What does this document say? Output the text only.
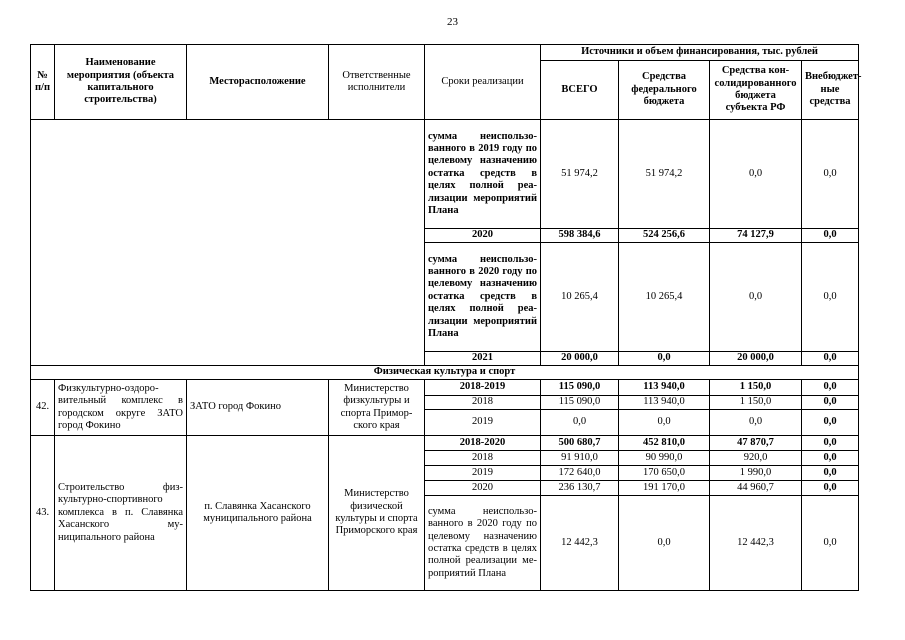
23
№ п/п	Наименование мероприятия (объекта капитального строительства)	Месторасположение	Ответственные исполнители	Сроки реализации	Источники и объем финансирования, тыс. рублей			
					ВСЕГО	Средства федерального бюджета	Средства консолидированного бюджета субъекта РФ	Внебюджетные средства
				сумма неиспользованного в 2019 году по целевому назначению остатка средств в целях полной реализации мероприятий Плана	51 974,2	51 974,2	0,0	0,0
				2020	598 384,6	524 256,6	74 127,9	0,0
				сумма неиспользованного в 2020 году по целевому назначению остатка средств в целях полной реализации мероприятий Плана	10 265,4	10 265,4	0,0	0,0
				2021	20 000,0	0,0	20 000,0	0,0
Физическая культура и спорт								
42.	Физкультурно-оздоровительный комплекс в городском округе ЗАТО город Фокино	ЗАТО город Фокино	Министерство физкультуры и спорта Приморского края	2018-2019	115 090,0	113 940,0	1 150,0	0,0
				2018	115 090,0	113 940,0	1 150,0	0,0
				2019	0,0	0,0	0,0	0,0
43.	Строительство физкультурно-спортивного комплекса в п. Славянка Хасанского муниципального района	п. Славянка Хасанского муниципального района	Министерство физической культуры и спорта Приморского края	2018-2020	500 680,7	452 810,0	47 870,7	0,0
				2018	91 910,0	90 990,0	920,0	0,0
				2019	172 640,0	170 650,0	1 990,0	0,0
				2020	236 130,7	191 170,0	44 960,7	0,0
				сумма неиспользованного в 2020 году по целевому назначению остатка средств в целях полной реализации мероприятий Плана	12 442,3	0,0	12 442,3	0,0
